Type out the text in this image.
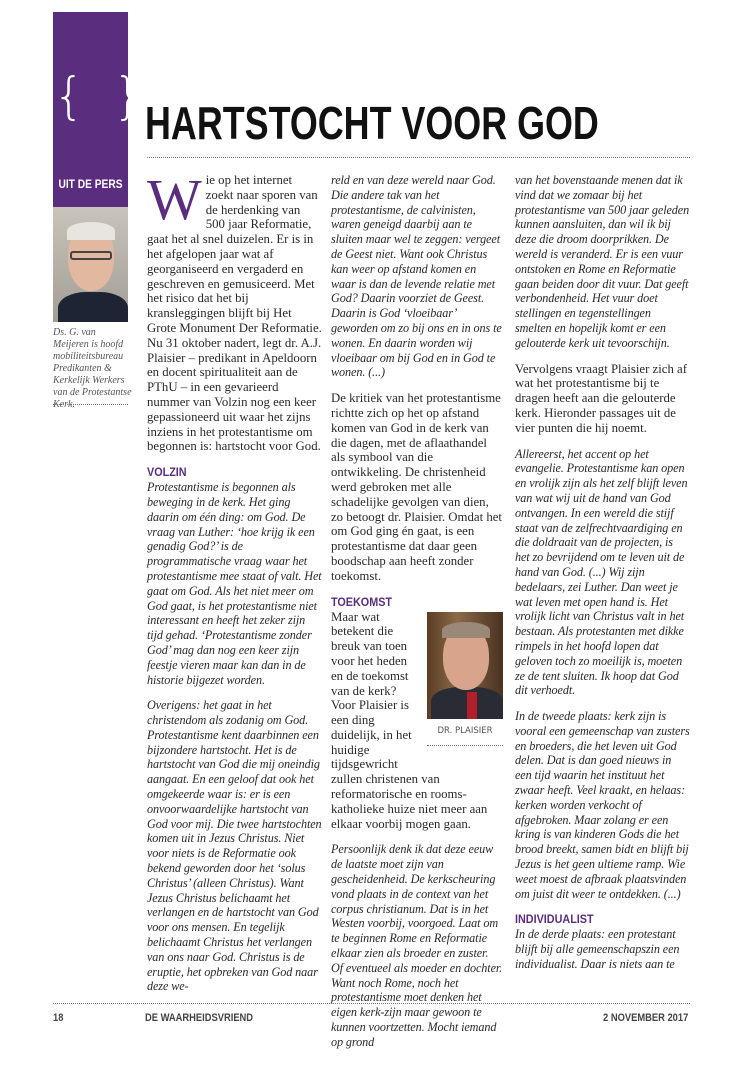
{ }
UIT DE PERS
Ds. G. van Meijeren is hoofd mobiliteitsbureau Predikanten & Kerkelijk Werkers van de Protestantse Kerk.
HARTSTOCHT VOOR GOD

Wie op het internet zoekt naar sporen van de herdenking van 500 jaar Reformatie, gaat het al snel duizelen. Er is in het afgelopen jaar wat af georganiseerd en vergaderd en geschreven en gemusiceerd. Met het risico dat het bij kransleggingen blijft bij Het Grote Monument Der Reformatie. Nu 31 oktober nadert, legt dr. A.J. Plaisier – predikant in Apeldoorn en docent spiritualiteit aan de PThU – in een gevarieerd nummer van Volzin nog een keer gepassioneerd uit waar het zijns inziens in het protestantisme om begonnen is: hartstocht voor God.

VOLZIN

Protestantisme is begonnen als beweging in de kerk. Het ging daarin om één ding: om God. De vraag van Luther: ‘hoe krijg ik een genadig God?’ is de programmatische vraag waar het protestantisme mee staat of valt. Het gaat om God. Als het niet meer om God gaat, is het protestantisme niet interessant en heeft het zeker zijn tijd gehad. ‘Protestantisme zonder God’ mag dan nog een keer zijn feestje vieren maar kan dan in de historie bijgezet worden.

Overigens: het gaat in het christendom als zodanig om God. Protestantisme kent daarbinnen een bijzondere hartstocht. Het is de hartstocht van God die mij oneindig aangaat. En een geloof dat ook het omgekeerde waar is: er is een onvoorwaardelijke hartstocht van God voor mij. Die twee hartstochten komen uit in Jezus Christus. Niet voor niets is de Reformatie ook bekend geworden door het ‘solus Christus’ (alleen Christus). Want Jezus Christus belichaamt het verlangen en de hartstocht van God voor ons mensen. En tegelijk belichaamt Christus het verlangen van ons naar God. Christus is de eruptie, het opbreken van God naar deze we-

reld en van deze wereld naar God. Die andere tak van het protestantisme, de calvinisten, waren geneigd daarbij aan te sluiten maar wel te zeggen: vergeet de Geest niet. Want ook Christus kan weer op afstand komen en waar is dan de levende relatie met God? Daarin voorziet de Geest. Daarin is God ‘vloeibaar’ geworden om zo bij ons en in ons te wonen. En daarin worden wij vloeibaar om bij God en in God te wonen. (...)

De kritiek van het protestantisme richtte zich op het op afstand komen van God in de kerk van die dagen, met de aflaathandel als symbool van die ontwikkeling. De christenheid werd gebroken met alle schadelijke gevolgen van dien, zo betoogt dr. Plaisier. Omdat het om God ging én gaat, is een protestantisme dat daar geen boodschap aan heeft zonder toekomst.

TOEKOMST
DR. PLAISIER

Maar wat betekent die breuk van toen voor het heden en de toekomst van de kerk? Voor Plaisier is een ding duidelijk, in het huidige tijdsgewricht zullen christenen van reformatorische en rooms-katholieke huize niet meer aan elkaar voorbij mogen gaan.

Persoonlijk denk ik dat deze eeuw de laatste moet zijn van gescheidenheid. De kerkscheuring vond plaats in de context van het corpus christianum. Dat is in het Westen voorbij, voorgoed. Laat om te beginnen Rome en Reformatie elkaar zien als broeder en zuster. Of eventueel als moeder en dochter. Want noch Rome, noch het protestantisme moet denken het eigen kerk-zijn maar gewoon te kunnen voortzetten. Mocht iemand op grond

van het bovenstaande menen dat ik vind dat we zomaar bij het protestantisme van 500 jaar geleden kunnen aansluiten, dan wil ik bij deze die droom doorprikken. De wereld is veranderd. Er is een vuur ontstoken en Rome en Reformatie gaan beiden door dit vuur. Dat geeft verbondenheid. Het vuur doet stellingen en tegenstellingen smelten en hopelijk komt er een gelouterde kerk uit tevoorschijn.

Vervolgens vraagt Plaisier zich af wat het protestantisme bij te dragen heeft aan die gelouterde kerk. Hieronder passages uit de vier punten die hij noemt.

Allereerst, het accent op het evangelie. Protestantisme kan open en vrolijk zijn als het zelf blijft leven van wat wij uit de hand van God ontvangen. In een wereld die stijf staat van de zelfrechtvaardiging en die doldraait van de projecten, is het zo bevrijdend om te leven uit de hand van God. (...) Wij zijn bedelaars, zei Luther. Dan weet je wat leven met open hand is. Het vrolijk licht van Christus valt in het bestaan. Als protestanten met dikke rimpels in het hoofd lopen dat geloven toch zo moeilijk is, moeten ze de tent sluiten. Ik hoop dat God dit verhoedt.

In de tweede plaats: kerk zijn is vooral een gemeenschap van zusters en broeders, die het leven uit God delen. Dat is dan goed nieuws in een tijd waarin het instituut het zwaar heeft. Veel kraakt, en helaas: kerken worden verkocht of afgebroken. Maar zolang er een kring is van kinderen Gods die het brood breekt, samen bidt en blijft bij Jezus is het geen ultieme ramp. Wie weet moest de afbraak plaatsvinden om juist dit weer te ontdekken. (...)

INDIVIDUALIST

In de derde plaats: een protestant blijft bij alle gemeenschapszin een individualist. Daar is niets aan te

18	DE WAARHEIDSVRIEND	2 NOVEMBER 2017
